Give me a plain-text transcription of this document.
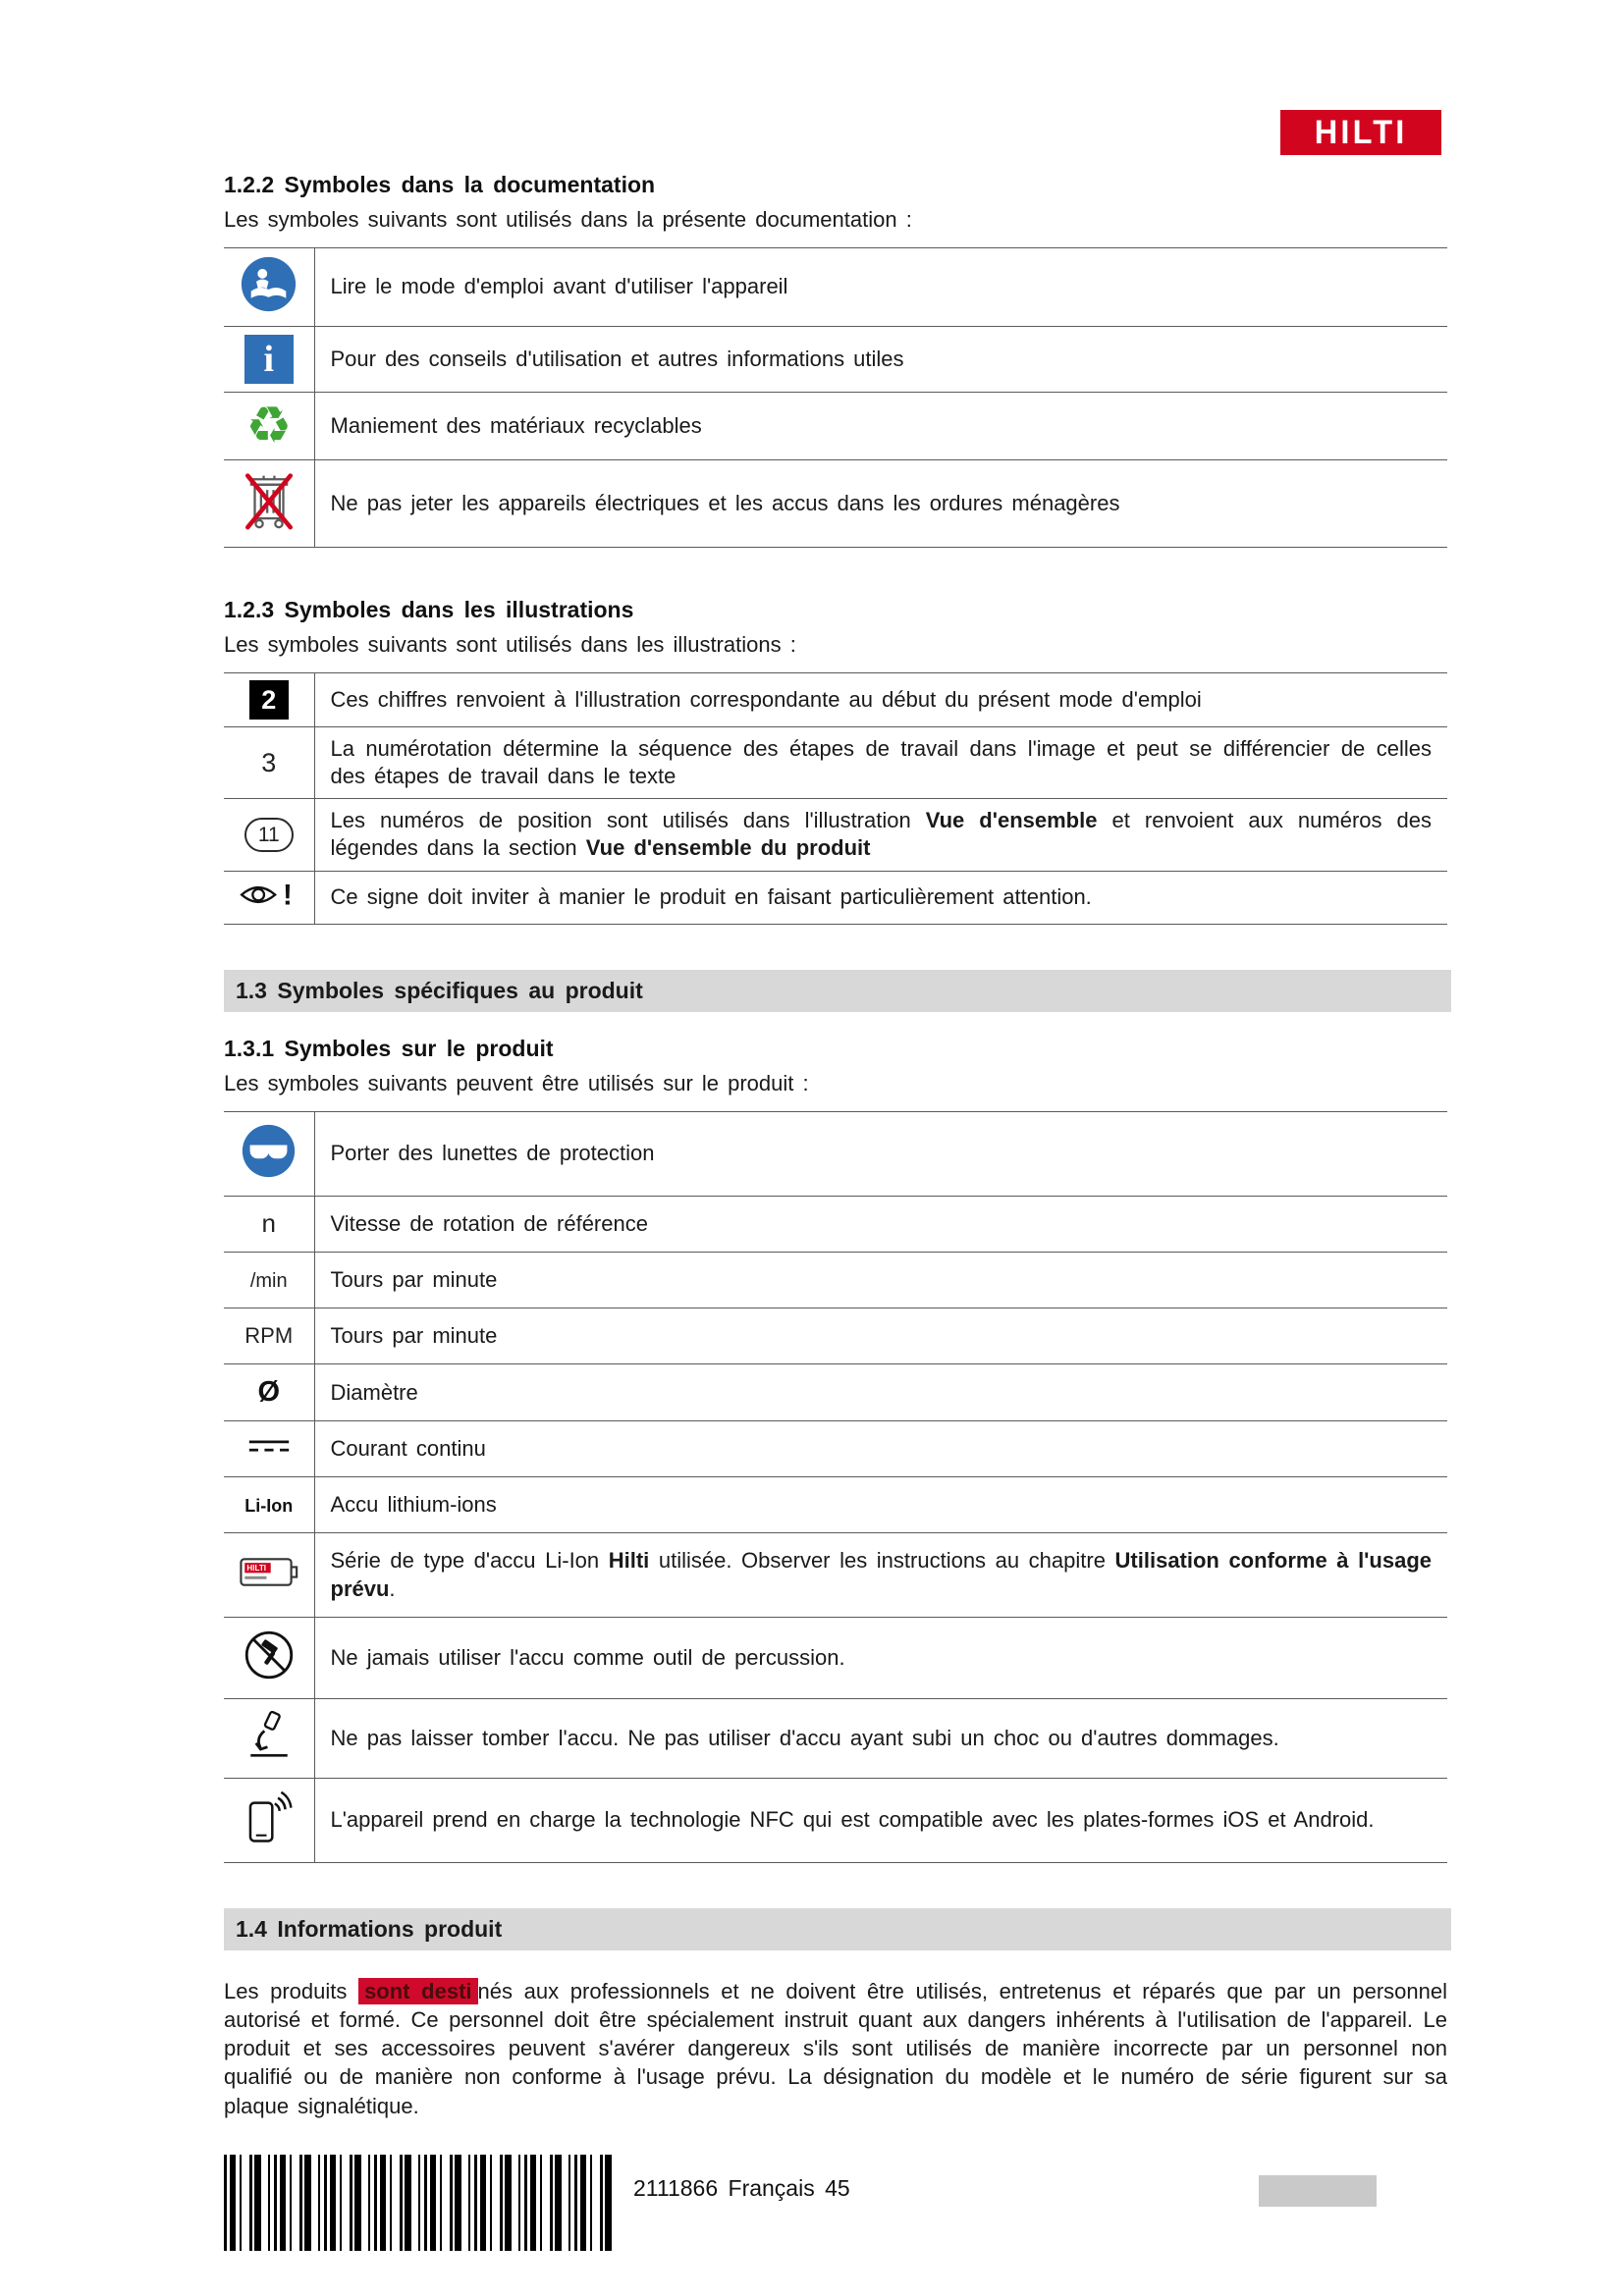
HILTI
1.2.2 Symboles dans la documentation

Les symboles suivants sont utilisés dans la présente documentation :

	Lire le mode d'emploi avant d'utiliser l'appareil
i	Pour des conseils d'utilisation et autres informations utiles
♻	Maniement des matériaux recyclables
	Ne pas jeter les appareils électriques et les accus dans les ordures ménagères
1.2.3 Symboles dans les illustrations

Les symboles suivants sont utilisés dans les illustrations :

2	Ces chiffres renvoient à l'illustration correspondante au début du présent mode d'emploi
3	La numérotation détermine la séquence des étapes de travail dans l'image et peut se différencier de celles des étapes de travail dans le texte
11	Les numéros de position sont utilisés dans l'illustration Vue d'ensemble et renvoient aux numéros des légendes dans la section Vue d'ensemble du produit

!	Ce signe doit inviter à manier le produit en faisant particulièrement attention.
1.3 Symboles spécifiques au produit
1.3.1 Symboles sur le produit

Les symboles suivants peuvent être utilisés sur le produit :

	Porter des lunettes de protection
n	Vitesse de rotation de référence
/min	Tours par minute
RPM	Tours par minute
Ø	Diamètre
	Courant continu
Li-Ion	Accu lithium-ions

HILTI	Série de type d'accu Li-Ion Hilti utilisée. Observer les instructions au chapitre Utilisation conforme à l'usage prévu.
	Ne jamais utiliser l'accu comme outil de percussion.
	Ne pas laisser tomber l'accu. Ne pas utiliser d'accu ayant subi un choc ou d'autres dommages.
	L'appareil prend en charge la technologie NFC qui est compatible avec les plates-formes iOS et Android.
1.4 Informations produit

Les produits sont desti nés aux professionnels et ne doivent être utilisés, entretenus et réparés que par un personnel autorisé et formé. Ce personnel doit être spécialement instruit quant aux dangers inhérents à l'utilisation de l'appareil. Le produit et ses accessoires peuvent s'avérer dangereux s'ils sont utilisés de manière incorrecte par un personnel non qualifié ou de manière non conforme à l'usage prévu. La désignation du modèle et le numéro de série figurent sur sa plaque signalétique.

2111866 Français 45
